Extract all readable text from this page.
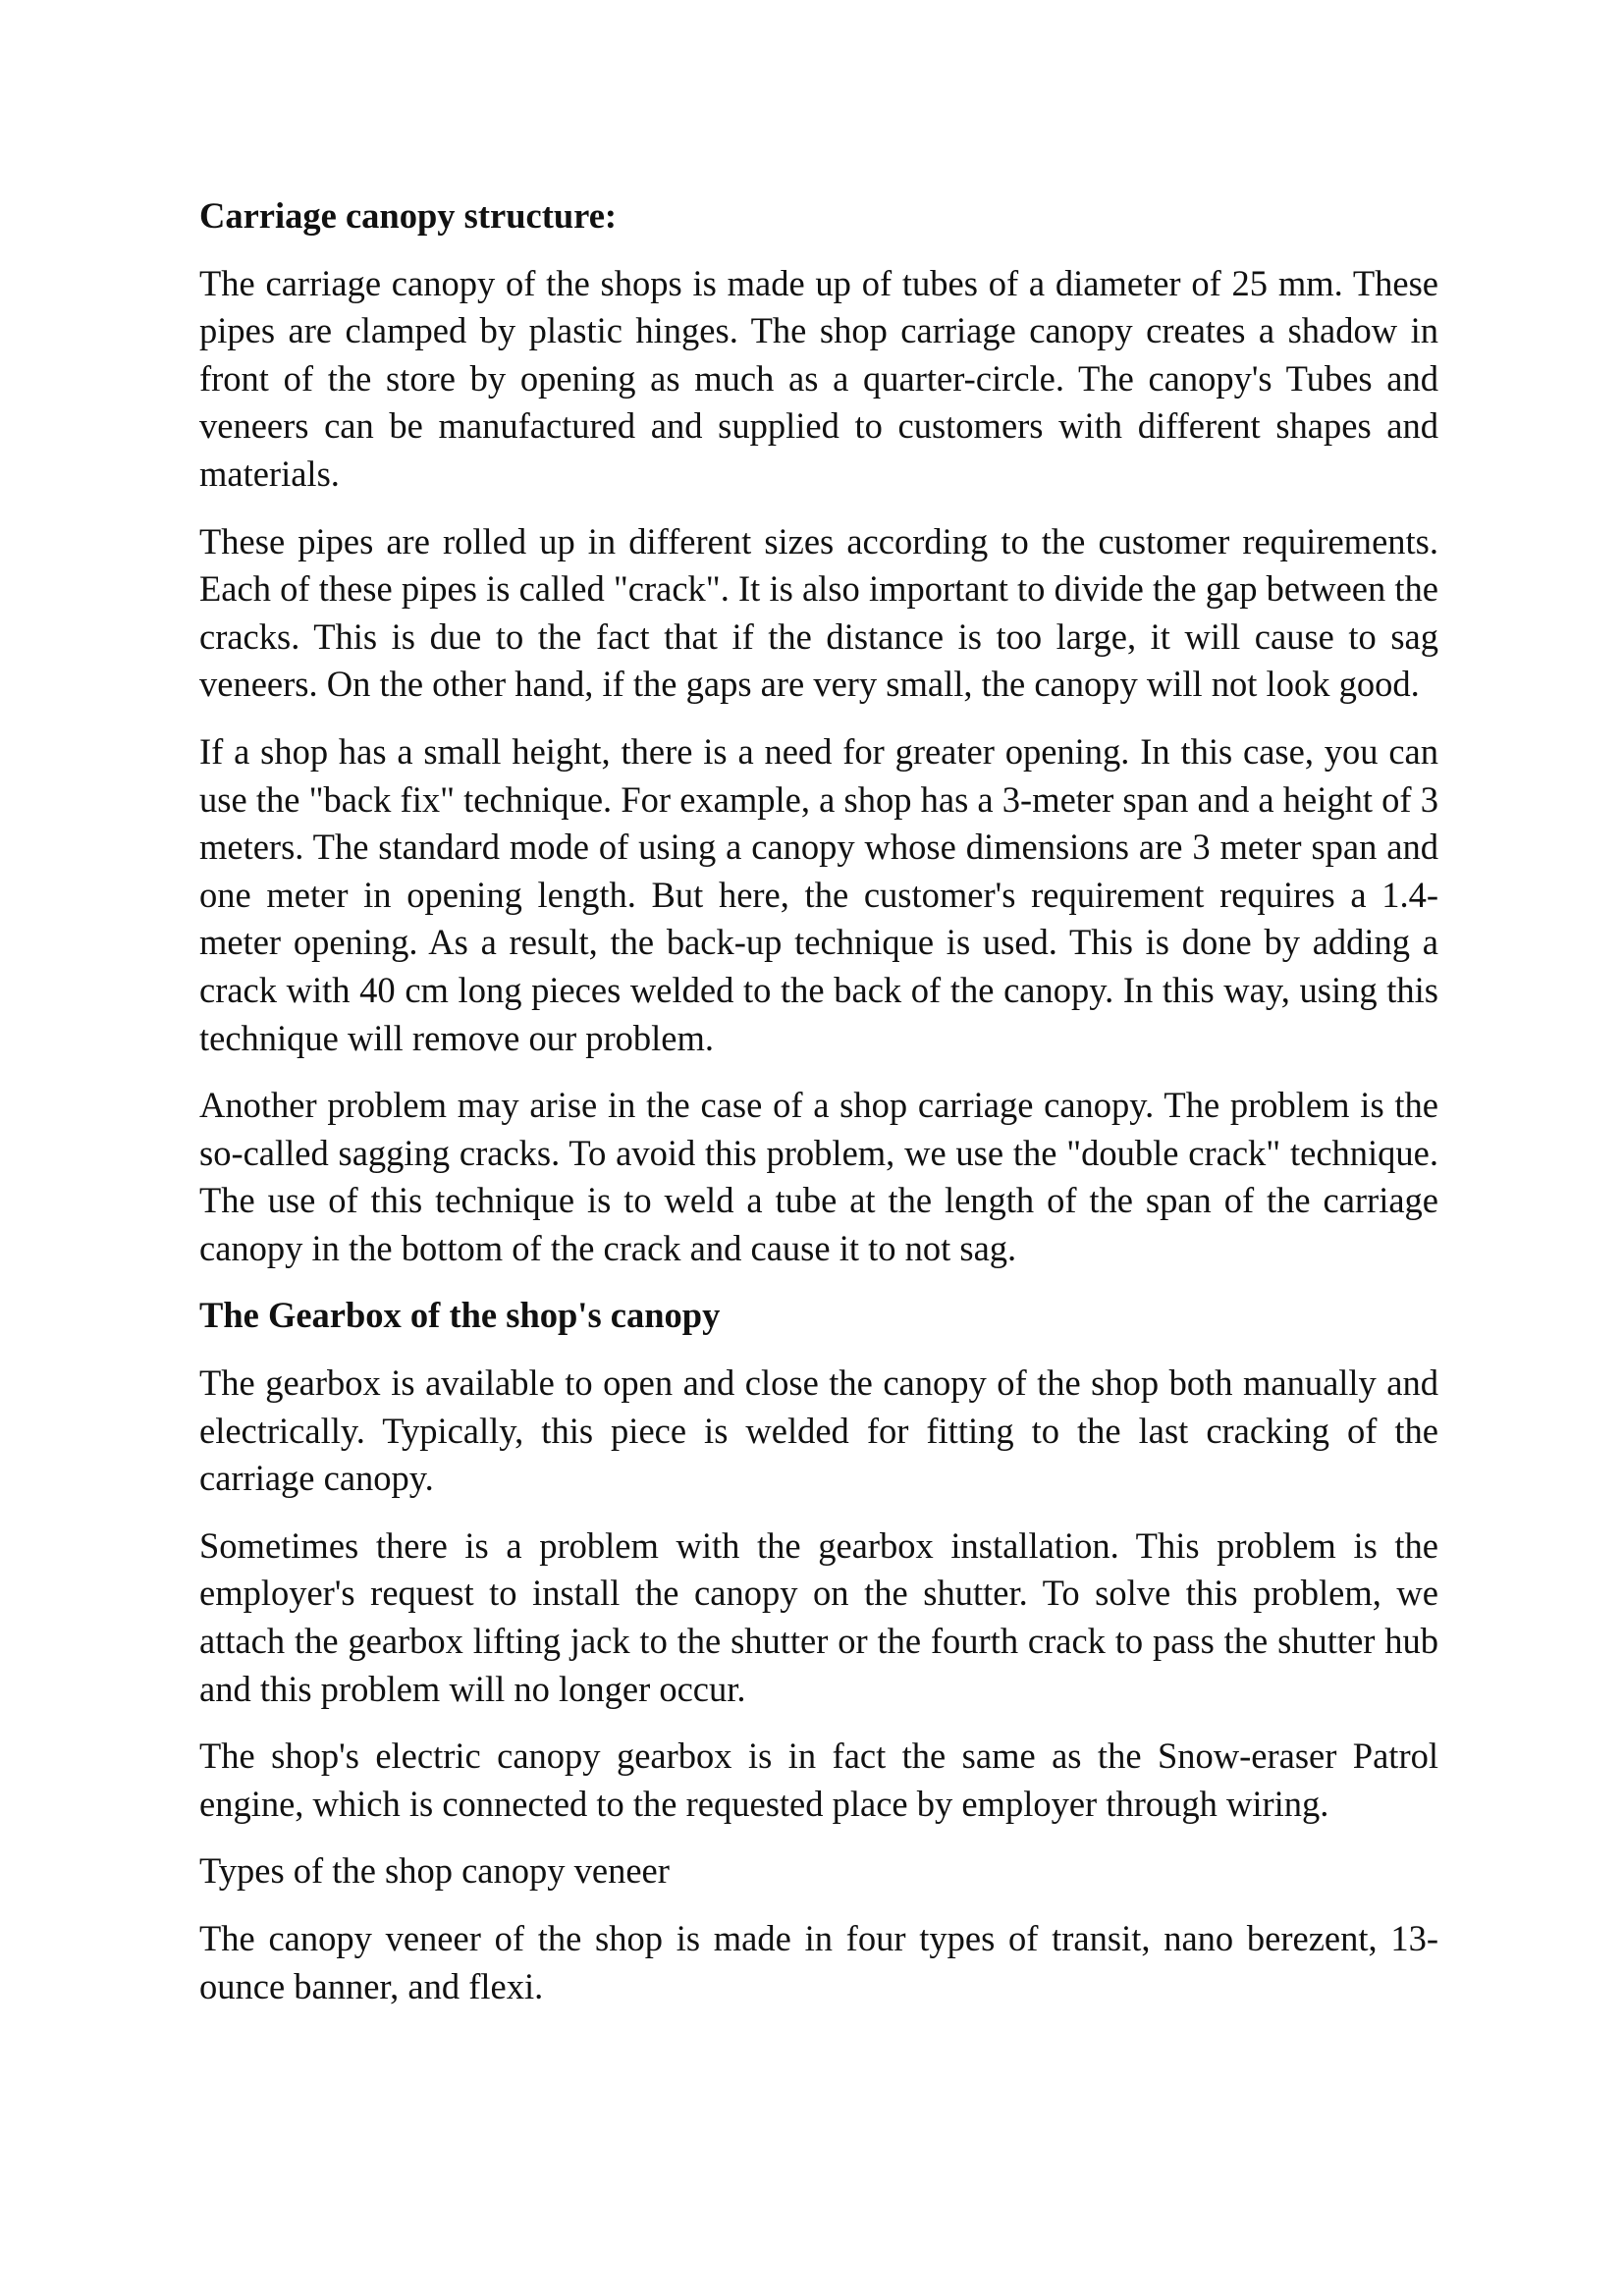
Carriage canopy structure:
The carriage canopy of the shops is made up of tubes of a diameter of 25 mm. These pipes are clamped by plastic hinges. The shop carriage canopy creates a shadow in front of the store by opening as much as a quarter-circle. The canopy's Tubes and veneers can be manufactured and supplied to customers with different shapes and materials.
These pipes are rolled up in different sizes according to the customer requirements. Each of these pipes is called "crack". It is also important to divide the gap between the cracks. This is due to the fact that if the distance is too large, it will cause to sag veneers. On the other hand, if the gaps are very small, the canopy will not look good.
If a shop has a small height, there is a need for greater opening. In this case, you can use the "back fix" technique. For example, a shop has a 3-meter span and a height of 3 meters. The standard mode of using a canopy whose dimensions are 3 meter span and one meter in opening length. But here, the customer's requirement requires a 1.4-meter opening. As a result, the back-up technique is used. This is done by adding a crack with 40 cm long pieces welded to the back of the canopy. In this way, using this technique will remove our problem.
Another problem may arise in the case of a shop carriage canopy. The problem is the so-called sagging cracks. To avoid this problem, we use the "double crack" technique. The use of this technique is to weld a tube at the length of the span of the carriage canopy in the bottom of the crack and cause it to not sag.
The Gearbox of the shop's canopy
The gearbox is available to open and close the canopy of the shop both manually and electrically. Typically, this piece is welded for fitting to the last cracking of the carriage canopy.
Sometimes there is a problem with the gearbox installation. This problem is the employer's request to install the canopy on the shutter. To solve this problem, we attach the gearbox lifting jack to the shutter or the fourth crack to pass the shutter hub and this problem will no longer occur.
The shop's electric canopy gearbox is in fact the same as the Snow-eraser Patrol engine, which is connected to the requested place by employer through wiring.
Types of the shop canopy veneer
The canopy veneer of the shop is made in four types of transit, nano berezent, 13-ounce banner, and flexi.
